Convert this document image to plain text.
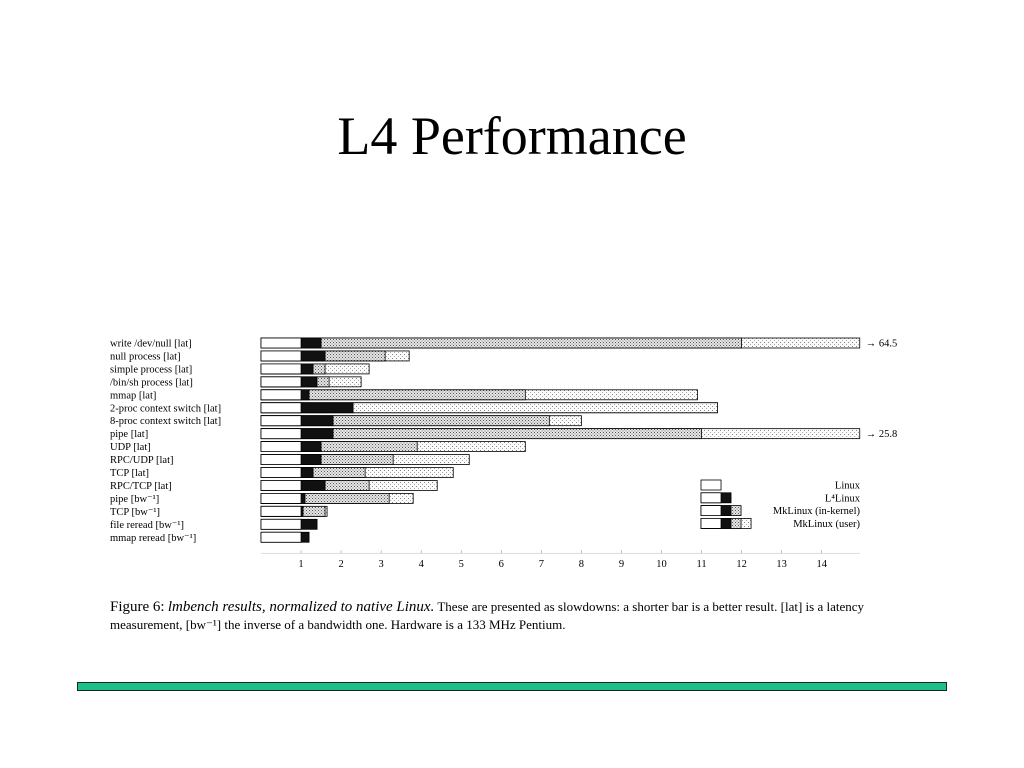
L4 Performance
→ 64.5
→ 25.8
write /dev/null [lat]
null process [lat]
simple process [lat]
/bin/sh process [lat]
mmap [lat]
2-proc context switch [lat]
8-proc context switch [lat]
pipe [lat]
UDP [lat]
RPC/UDP [lat]
TCP [lat]
RPC/TCP [lat]
pipe [bw⁻¹]
TCP [bw⁻¹]
file reread [bw⁻¹]
mmap reread [bw⁻¹]
1	2	3	4	5	6	7	8	9	10	11	12	13	14
Linux
L⁴Linux
MkLinux (in-kernel)
MkLinux (user)
Figure 6: lmbench results, normalized to native Linux. These are presented as slowdowns: a shorter bar is a better result. [lat] is a latency measurement, [bw⁻¹] the inverse of a bandwidth one. Hardware is a 133 MHz Pentium.
